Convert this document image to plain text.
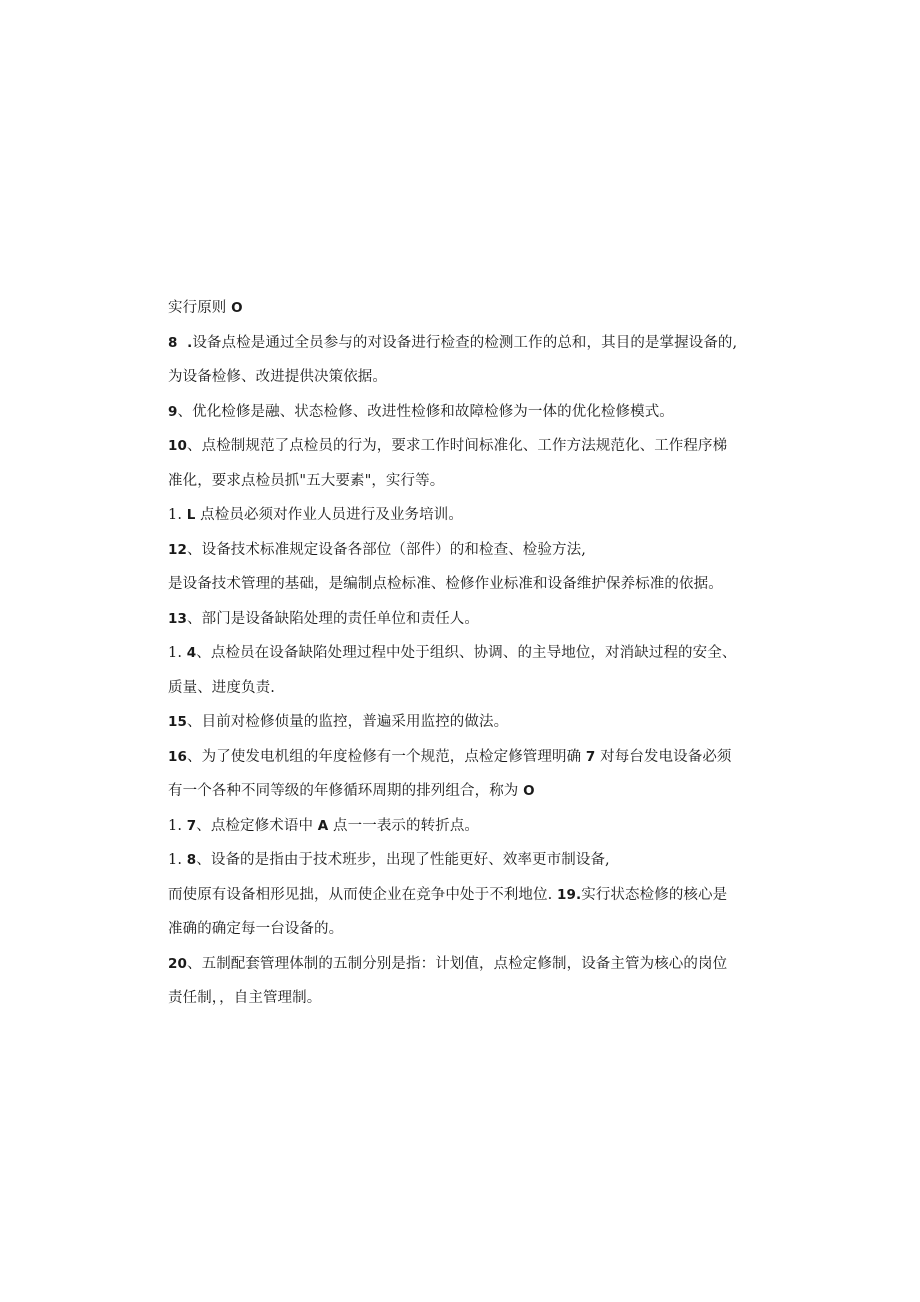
实行原则 O
8  .设备点检是通过全员参与的对设备进行检查的检测工作的总和，其目的是掌握设备的,
为设备检修、改进提供决策依据。
9、优化检修是融、状态检修、改进性检修和故障检修为一体的优化检修模式。
10、点检制规范了点检员的行为，要求工作时间标准化、工作方法规范化、工作程序梯
准化，要求点检员抓"五大要素"，实行等。
1. L 点检员必须对作业人员进行及业务培训。
12、设备技术标准规定设备各部位（部件）的和检查、检验方法,
是设备技术管理的基础，是编制点检标准、检修作业标准和设备维护保养标准的依据。
13、部门是设备缺陷处理的责任单位和责任人。
1. 4、点检员在设备缺陷处理过程中处于组织、协调、的主导地位，对消缺过程的安全、
质量、进度负责.
15、目前对检修侦量的监控，普遍采用监控的做法。
16、为了使发电机组的年度检修有一个规范，点检定修管理明确 7 对每台发电设备必须
有一个各种不同等级的年修循环周期的排列组合，称为 O
1. 7、点检定修术语中 A 点一一表示的转折点。
1. 8、设备的是指由于技术班步，出现了性能更好、效率更市制设备,
而使原有设备相形见拙，从而使企业在竞争中处于不利地位. 19.实行状态检修的核心是
准确的确定每一台设备的。
20、五制配套管理体制的五制分别是指：计划值，点检定修制，设备主管为核心的岗位
责任制，，自主管理制。
